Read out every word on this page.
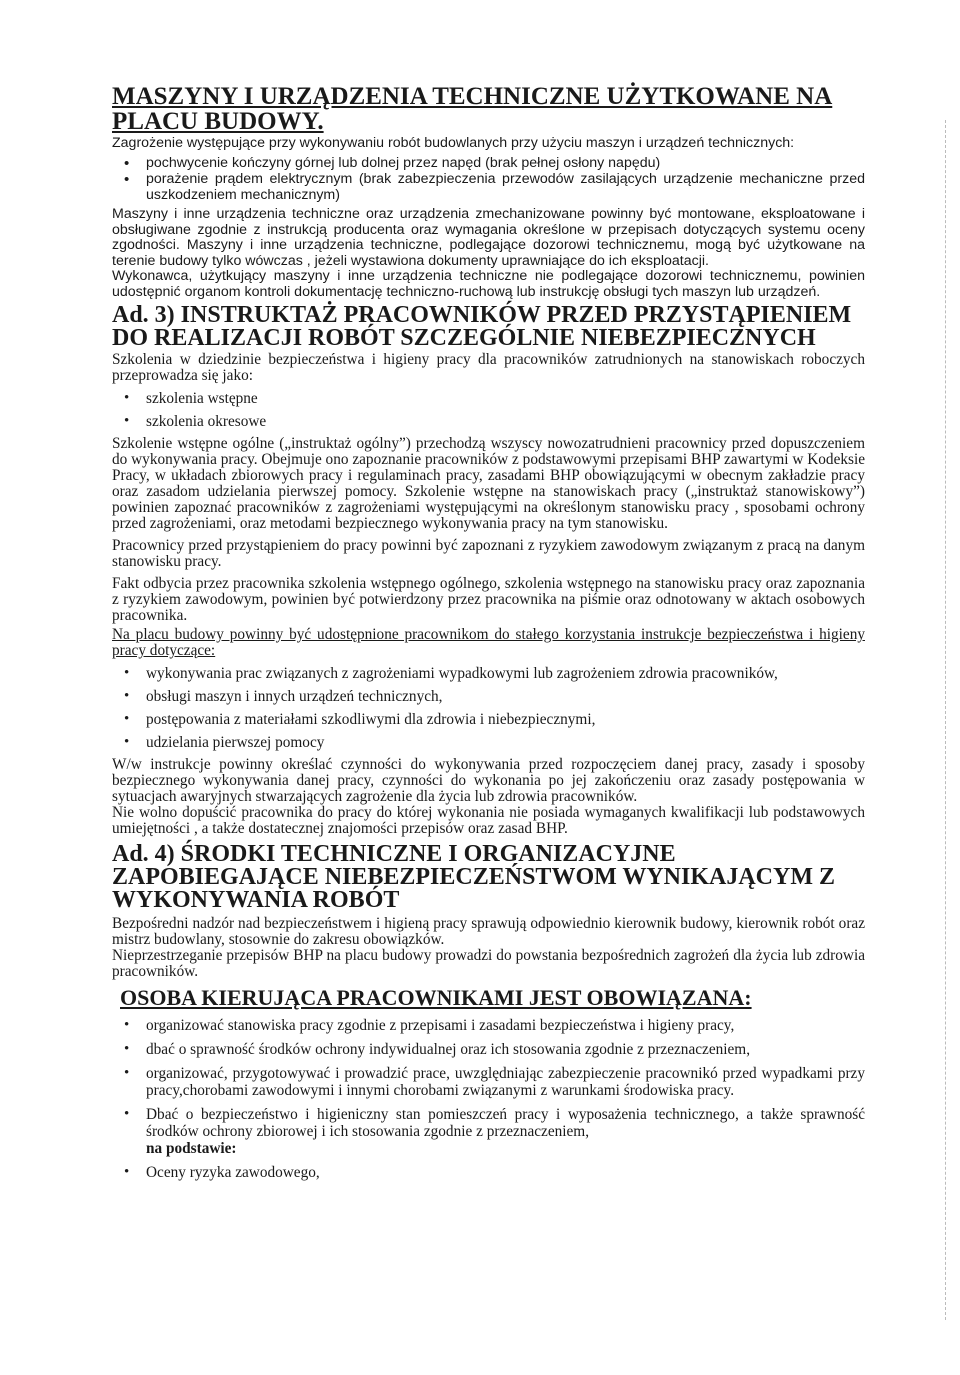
MASZYNY I URZĄDZENIA TECHNICZNE UŻYTKOWANE NA PLACU BUDOWY.

Zagrożenie występujące przy wykonywaniu robót budowlanych przy użyciu maszyn i urządzeń technicznych:

• pochwycenie kończyny górnej lub dolnej przez napęd (brak pełnej osłony napędu)
• porażenie prądem elektrycznym (brak zabezpieczenia przewodów zasilających urządzenie mechaniczne przed uszkodzeniem mechanicznym)

Maszyny i inne urządzenia techniczne oraz urządzenia zmechanizowane powinny być montowane, eksploatowane i obsługiwane zgodnie z instrukcją producenta oraz wymagania określone w przepisach dotyczących systemu oceny zgodności. Maszyny i inne urządzenia techniczne, podlegające dozorowi technicznemu, mogą być użytkowane na terenie budowy tylko wówczas , jeżeli wystawiona dokumenty uprawniające do ich eksploatacji.

Wykonawca, użytkujący maszyny i inne urządzenia techniczne nie podlegające dozorowi technicznemu, powinien udostępnić organom kontroli dokumentację techniczno-ruchową lub instrukcję obsługi tych maszyn lub urządzeń.

Ad. 3) INSTRUKTAŻ PRACOWNIKÓW PRZED PRZYSTĄPIENIEM DO REALIZACJI ROBÓT SZCZEGÓLNIE NIEBEZPIECZNYCH

Szkolenia w dziedzinie bezpieczeństwa i higieny pracy dla pracowników zatrudnionych na stanowiskach roboczych przeprowadza się jako:

• szkolenia wstępne
• szkolenia okresowe

Szkolenie wstępne ogólne („instruktaż ogólny”) przechodzą wszyscy nowozatrudnieni pracownicy przed dopuszczeniem do wykonywania pracy. Obejmuje ono zapoznanie pracowników z podstawowymi przepisami BHP zawartymi w Kodeksie Pracy, w układach zbiorowych pracy i regulaminach pracy, zasadami BHP obowiązującymi w obecnym zakładzie pracy oraz zasadom udzielania pierwszej pomocy. Szkolenie wstępne na stanowiskach pracy („instruktaż stanowiskowy”) powinien zapoznać pracowników z zagrożeniami występującymi na określonym stanowisku pracy , sposobami ochrony przed zagrożeniami, oraz metodami bezpiecznego wykonywania pracy na tym stanowisku.

Pracownicy przed przystąpieniem do pracy powinni być zapoznani z ryzykiem zawodowym związanym z pracą na danym stanowisku pracy.

Fakt odbycia przez pracownika szkolenia wstępnego ogólnego, szkolenia wstępnego na stanowisku pracy oraz zapoznania z ryzykiem zawodowym, powinien być potwierdzony przez pracownika na piśmie oraz odnotowany w aktach osobowych pracownika.

Na placu budowy powinny być udostępnione pracownikom do stałego korzystania instrukcje bezpieczeństwa i higieny pracy dotyczące:

• wykonywania prac związanych z zagrożeniami wypadkowymi lub zagrożeniem zdrowia pracowników,
• obsługi maszyn i innych urządzeń technicznych,
• postępowania z materiałami szkodliwymi dla zdrowia i niebezpiecznymi,
• udzielania pierwszej pomocy

W/w instrukcje powinny określać czynności do wykonywania przed rozpoczęciem danej pracy, zasady i sposoby bezpiecznego wykonywania danej pracy, czynności do wykonania po jej zakończeniu oraz zasady postępowania w sytuacjach awaryjnych stwarzających zagrożenie dla życia lub zdrowia pracowników.

Nie wolno dopuścić pracownika do pracy do której wykonania nie posiada wymaganych kwalifikacji lub podstawowych umiejętności , a także dostatecznej znajomości przepisów oraz zasad BHP.

Ad. 4) ŚRODKI TECHNICZNE I ORGANIZACYJNE ZAPOBIEGAJĄCE NIEBEZPIECZEŃSTWOM WYNIKAJĄCYM Z WYKONYWANIA ROBÓT

Bezpośredni nadzór nad bezpieczeństwem i higieną pracy sprawują odpowiednio kierownik budowy, kierownik robót oraz mistrz budowlany, stosownie do zakresu obowiązków.

Nieprzestrzeganie przepisów BHP na placu budowy prowadzi do powstania bezpośrednich zagrożeń dla życia lub zdrowia pracowników.

OSOBA KIERUJĄCA PRACOWNIKAMI JEST OBOWIĄZANA:
• organizować stanowiska pracy zgodnie z przepisami i zasadami bezpieczeństwa i higieny pracy,
• dbać o sprawność środków ochrony indywidualnej oraz ich stosowania zgodnie z przeznaczeniem,
• organizować, przygotowywać i prowadzić prace, uwzględniając zabezpieczenie pracownikó przed wypadkami przy pracy,chorobami zawodowymi i innymi chorobami związanymi z warunkami środowiska pracy.
• Dbać o bezpieczeństwo i higieniczny stan pomieszczeń pracy i wyposażenia technicznego, a także sprawność środków ochrony zbiorowej i ich stosowania zgodnie z przeznaczeniem,
na podstawie:
• Oceny ryzyka zawodowego,
